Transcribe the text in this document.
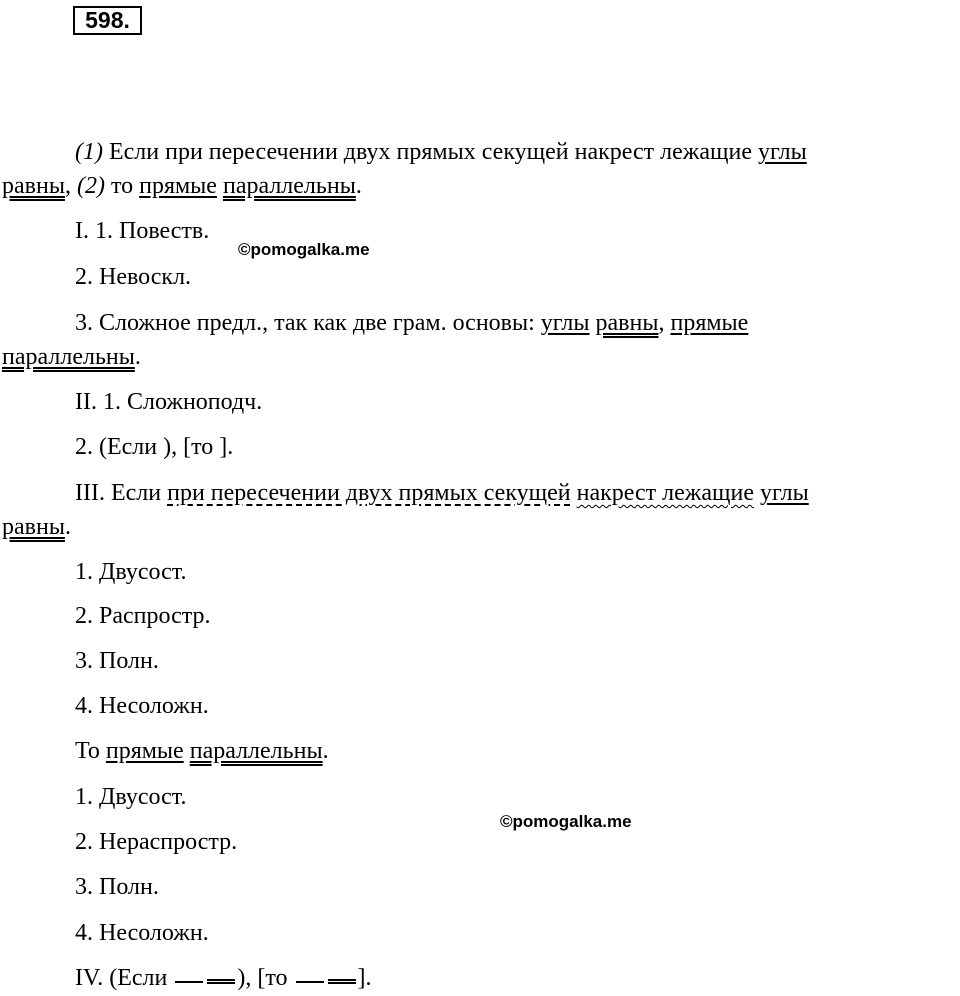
598.
(1) Если при пересечении двух прямых секущей накрест лежащие углы
равны, (2) то прямые параллельны.
I. 1. Повеств.
©pomogalka.me
2. Невоскл.
3. Сложное предл., так как две грам. основы: углы равны, прямые
параллельны.
II. 1. Сложноподч.
2. (Если ), [то ].
III. Если при пересечении двух прямых секущей накрест лежащие углы
равны.
1. Двусост.
2. Распростр.
3. Полн.
4. Несоложн.
То прямые параллельны.
1. Двусост.
©pomogalka.me
2. Нераспростр.
3. Полн.
4. Несоложн.
IV. (Если	), [то	].
